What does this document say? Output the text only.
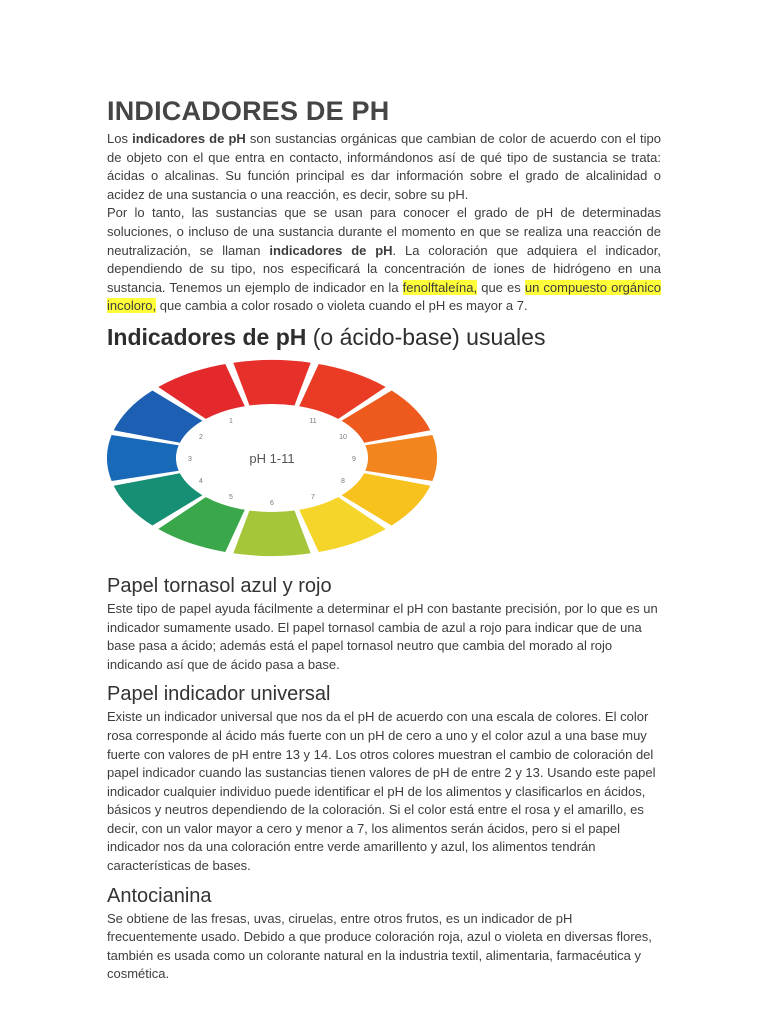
INDICADORES DE PH

Los indicadores de pH son sustancias orgánicas que cambian de color de acuerdo con el tipo de objeto con el que entra en contacto, informándonos así de qué tipo de sustancia se trata: ácidas o alcalinas. Su función principal es dar información sobre el grado de alcalinidad o acidez de una sustancia o una reacción, es decir, sobre su pH.

Por lo tanto, las sustancias que se usan para conocer el grado de pH de determinadas soluciones, o incluso de una sustancia durante el momento en que se realiza una reacción de neutralización, se llaman indicadores de pH. La coloración que adquiera el indicador, dependiendo de su tipo, nos especificará la concentración de iones de hidrógeno en una sustancia. Tenemos un ejemplo de indicador en la fenolftaleína, que es un compuesto orgánico incoloro, que cambia a color rosado o violeta cuando el pH es mayor a 7.

Indicadores de pH (o ácido-base) usuales
pH 1-11
1
2
3
4
5
6
7
8
9
10
11
Papel tornasol azul y rojo

Este tipo de papel ayuda fácilmente a determinar el pH con bastante precisión, por lo que es un indicador sumamente usado. El papel tornasol cambia de azul a rojo para indicar que de una base pasa a ácido; además está el papel tornasol neutro que cambia del morado al rojo indicando así que de ácido pasa a base.

Papel indicador universal

Existe un indicador universal que nos da el pH de acuerdo con una escala de colores. El color rosa corresponde al ácido más fuerte con un pH de cero a uno y el color azul a una base muy fuerte con valores de pH entre 13 y 14. Los otros colores muestran el cambio de coloración del papel indicador cuando las sustancias tienen valores de pH de entre 2 y 13. Usando este papel indicador cualquier individuo puede identificar el pH de los alimentos y clasificarlos en ácidos, básicos y neutros dependiendo de la coloración. Si el color está entre el rosa y el amarillo, es decir, con un valor mayor a cero y menor a 7, los alimentos serán ácidos, pero si el papel indicador nos da una coloración entre verde amarillento y azul, los alimentos tendrán características de bases.

Antocianina

Se obtiene de las fresas, uvas, ciruelas, entre otros frutos, es un indicador de pH frecuentemente usado. Debido a que produce coloración roja, azul o violeta en diversas flores, también es usada como un colorante natural en la industria textil, alimentaria, farmacéutica y cosmética.
